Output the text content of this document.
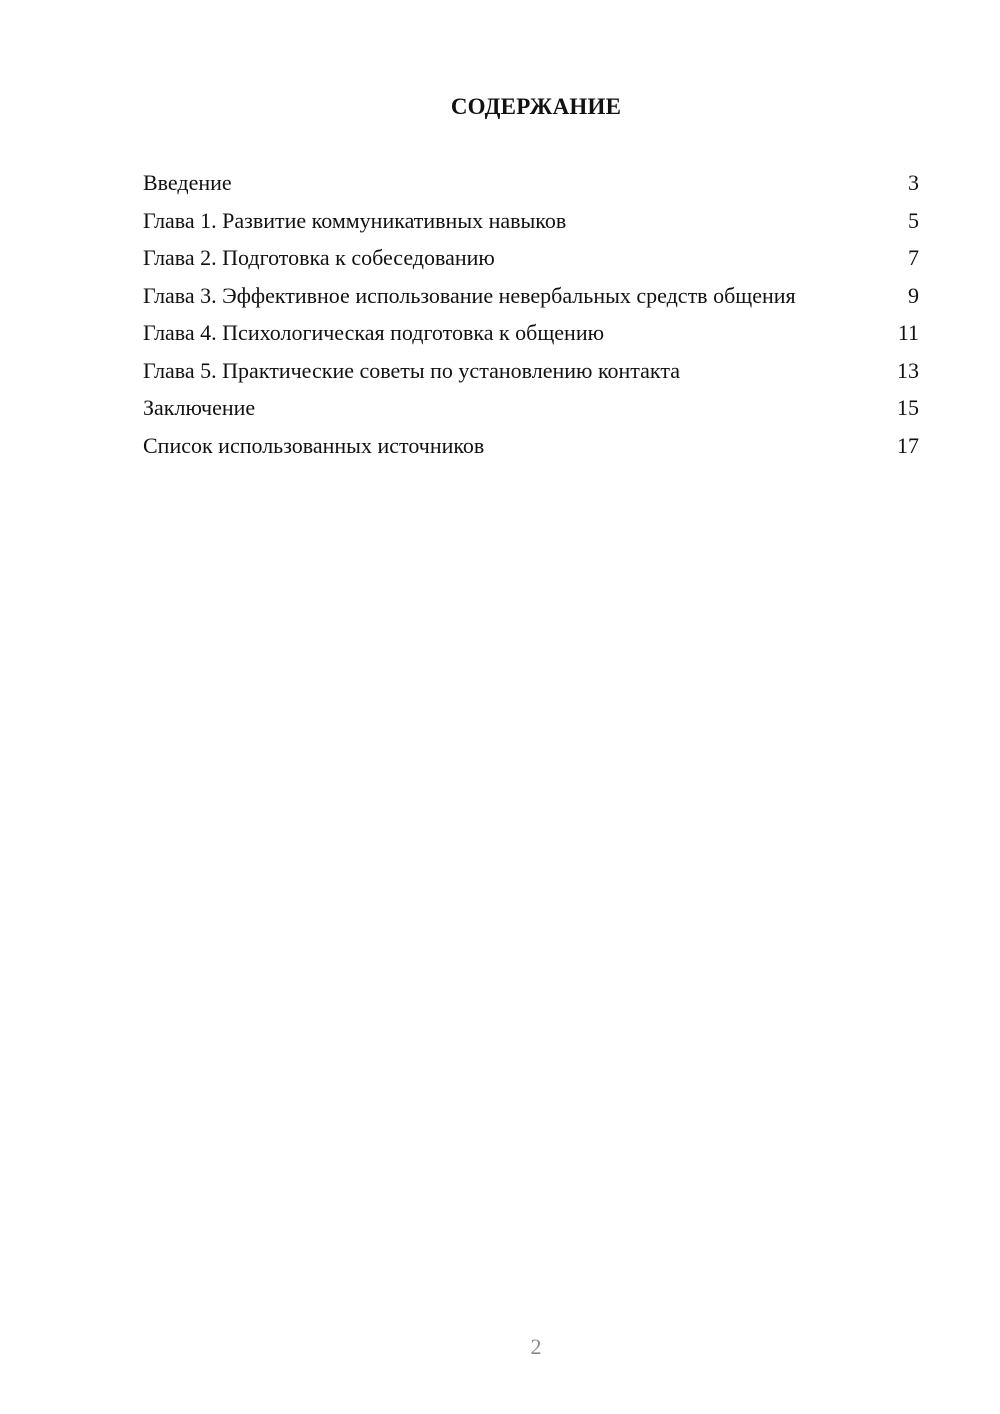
СОДЕРЖАНИЕ
Введение	3
Глава 1. Развитие коммуникативных навыков	5
Глава 2. Подготовка к собеседованию	7
Глава 3. Эффективное использование невербальных средств общения	9
Глава 4. Психологическая подготовка к общению	11
Глава 5. Практические советы по установлению контакта	13
Заключение	15
Список использованных источников	17
2
